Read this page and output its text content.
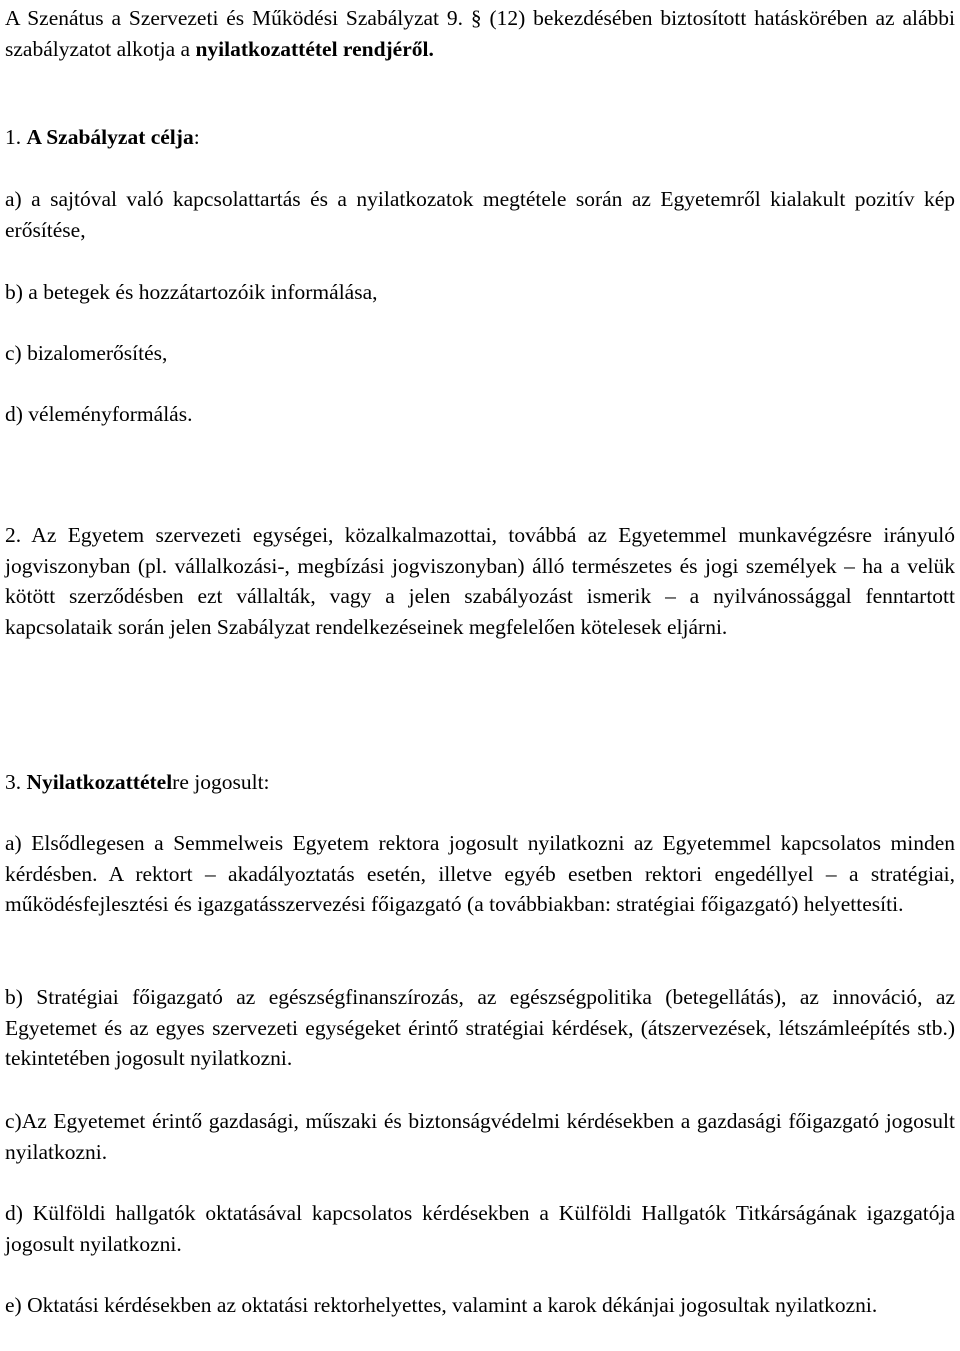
A Szenátus a Szervezeti és Működési Szabályzat 9. § (12) bekezdésében biztosított hatáskörében az alábbi szabályzatot alkotja a nyilatkozattétel rendjéről.

1. A Szabályzat célja:

a) a sajtóval való kapcsolattartás és a nyilatkozatok megtétele során az Egyetemről kialakult pozitív kép erősítése,

b) a betegek és hozzátartozóik informálása,

c) bizalomerősítés,

d) véleményformálás.

2. Az Egyetem szervezeti egységei, közalkalmazottai, továbbá az Egyetemmel munkavégzésre irányuló jogviszonyban (pl. vállalkozási-, megbízási jogviszonyban) álló természetes és jogi személyek – ha a velük kötött szerződésben ezt vállalták, vagy a jelen szabályozást ismerik – a nyilvánossággal fenntartott kapcsolataik során jelen Szabályzat rendelkezéseinek megfelelően kötelesek eljárni.

3. Nyilatkozattételre jogosult:

a) Elsődlegesen a Semmelweis Egyetem rektora jogosult nyilatkozni az Egyetemmel kapcsolatos minden kérdésben. A rektort – akadályoztatás esetén, illetve egyéb esetben rektori engedéllyel – a stratégiai, működésfejlesztési és igazgatásszervezési főigazgató (a továbbiakban: stratégiai főigazgató) helyettesíti.

b) Stratégiai főigazgató az egészségfinanszírozás, az egészségpolitika (betegellátás), az innováció, az Egyetemet és az egyes szervezeti egységeket érintő stratégiai kérdések, (átszervezések, létszámleépítés stb.) tekintetében jogosult nyilatkozni.

c)Az Egyetemet érintő gazdasági, műszaki és biztonságvédelmi kérdésekben a gazdasági főigazgató jogosult nyilatkozni.

d) Külföldi hallgatók oktatásával kapcsolatos kérdésekben a Külföldi Hallgatók Titkárságának igazgatója jogosult nyilatkozni.

e) Oktatási kérdésekben az oktatási rektorhelyettes, valamint a karok dékánjai jogosultak nyilatkozni.
